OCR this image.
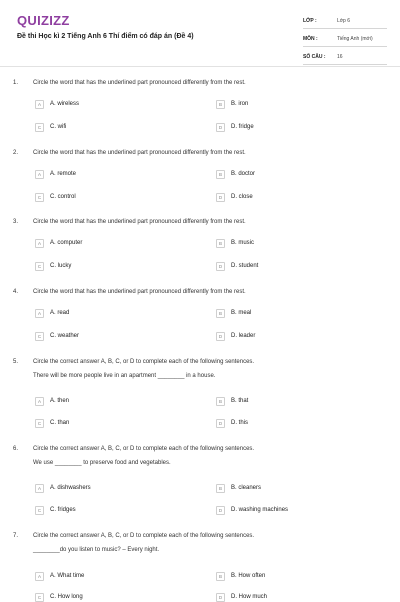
QUIZIZZ
Đề thi Học kì 2 Tiếng Anh 6 Thí điểm có đáp án (Đề 4)
LỚP :	Lớp 6
MÔN :	Tiếng Anh (mới)
SỐ CÂU :	16
1. Circle the word that has the underlined part pronounced differently from the rest.
A	A. wireless	B	B. iron
C	C. wifi	D	D. fridge
2. Circle the word that has the underlined part pronounced differently from the rest.
A	A. remote	B	B. doctor
C	C. control	D	D. close
3. Circle the word that has the underlined part pronounced differently from the rest.
A	A. computer	B	B. music
C	C. lucky	D	D. student
4. Circle the word that has the underlined part pronounced differently from the rest.
A	A. read	B	B. meal
C	C. weather	D	D. leader
5. Circle the correct answer A, B, C, or D to complete each of the following sentences.
There will be more people live in an apartment ________ in a house.
A	A. then	B	B. that
C	C. than	D	D. this
6. Circle the correct answer A, B, C, or D to complete each of the following sentences.
We use ________ to preserve food and vegetables.
A	A. dishwashers	B	B. cleaners
C	C. fridges	D	D. washing machines
7. Circle the correct answer A, B, C, or D to complete each of the following sentences.
________do you listen to music? – Every night.
A	A. What time	B	B. How often
C	C. How long	D	D. How much
